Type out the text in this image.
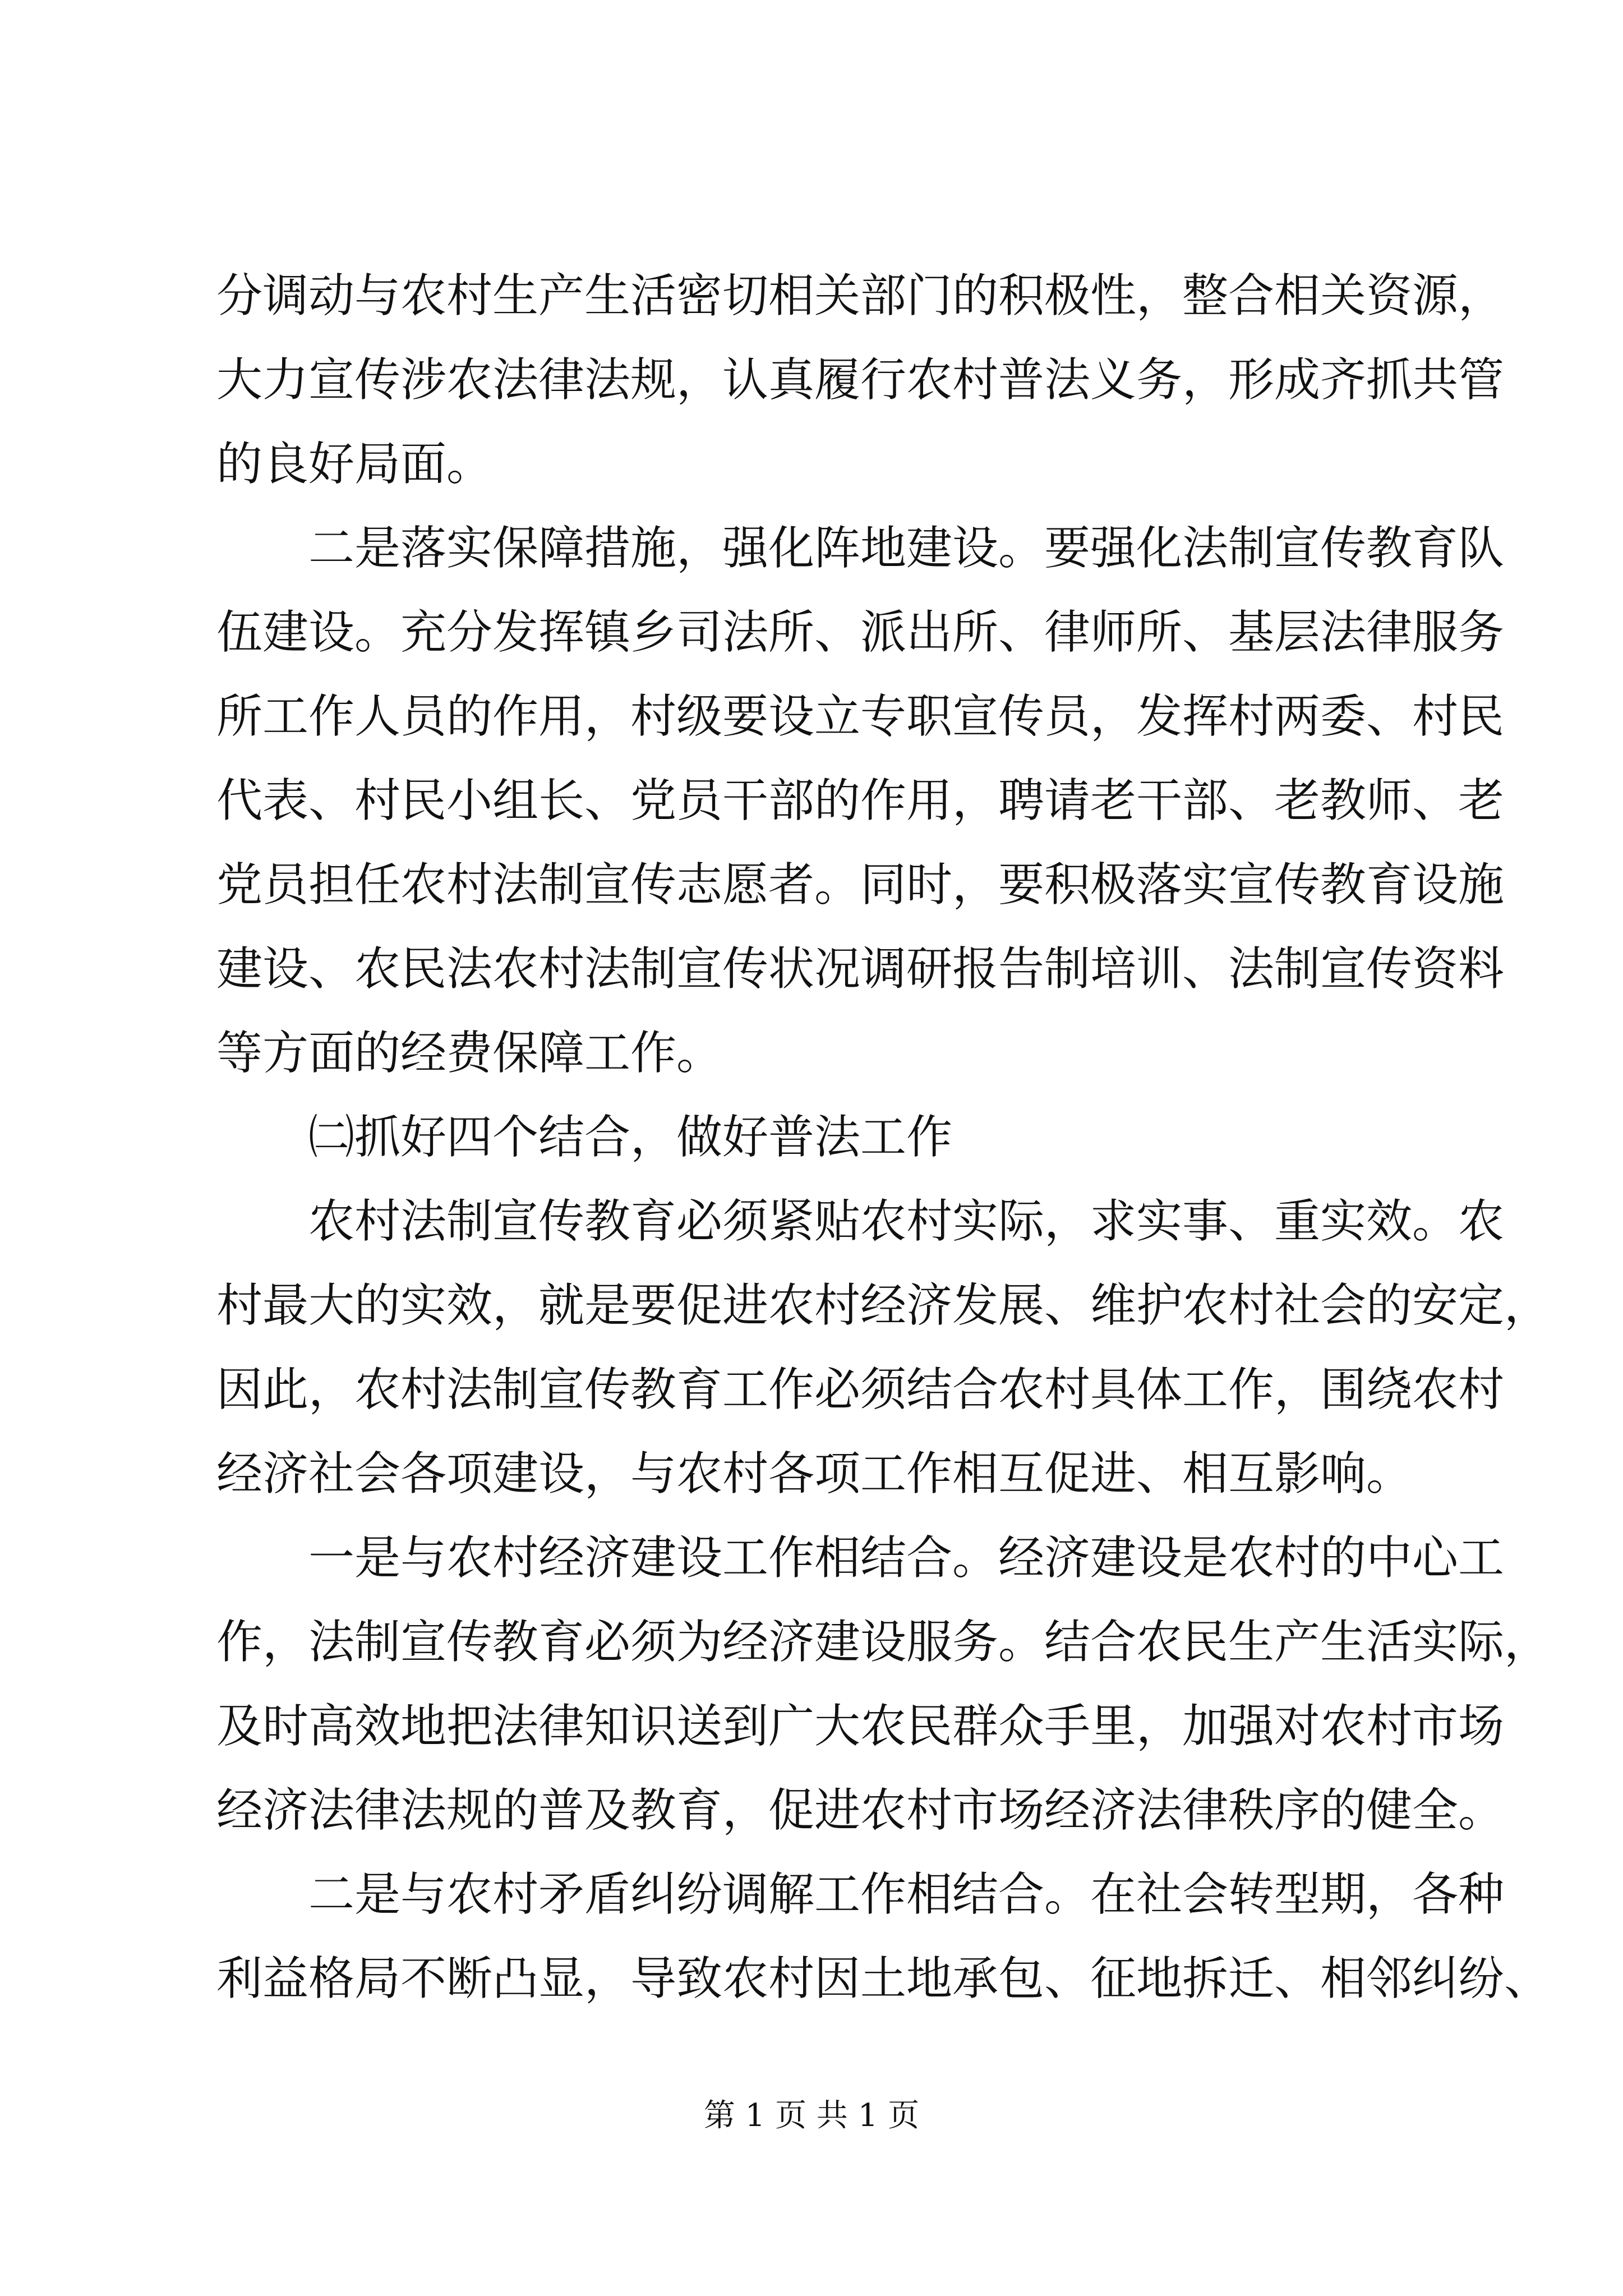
分调动与农村生产生活密切相关部门的积极性，整合相关资源，
大力宣传涉农法律法规，认真履行农村普法义务，形成齐抓共管
的良好局面。
二是落实保障措施，强化阵地建设。要强化法制宣传教育队
伍建设。充分发挥镇乡司法所、派出所、律师所、基层法律服务
所工作人员的作用，村级要设立专职宣传员，发挥村两委、村民
代表、村民小组长、党员干部的作用，聘请老干部、老教师、老
党员担任农村法制宣传志愿者。同时，要积极落实宣传教育设施
建设、农民法农村法制宣传状况调研报告制培训、法制宣传资料
等方面的经费保障工作。
㈡抓好四个结合，做好普法工作
农村法制宣传教育必须紧贴农村实际，求实事、重实效。农
村最大的实效，就是要促进农村经济发展、维护农村社会的安定，
因此，农村法制宣传教育工作必须结合农村具体工作，围绕农村
经济社会各项建设，与农村各项工作相互促进、相互影响。
一是与农村经济建设工作相结合。经济建设是农村的中心工
作，法制宣传教育必须为经济建设服务。结合农民生产生活实际，
及时高效地把法律知识送到广大农民群众手里，加强对农村市场
经济法律法规的普及教育，促进农村市场经济法律秩序的健全。
二是与农村矛盾纠纷调解工作相结合。在社会转型期，各种
利益格局不断凸显，导致农村因土地承包、征地拆迁、相邻纠纷、
第 1 页 共 1 页
